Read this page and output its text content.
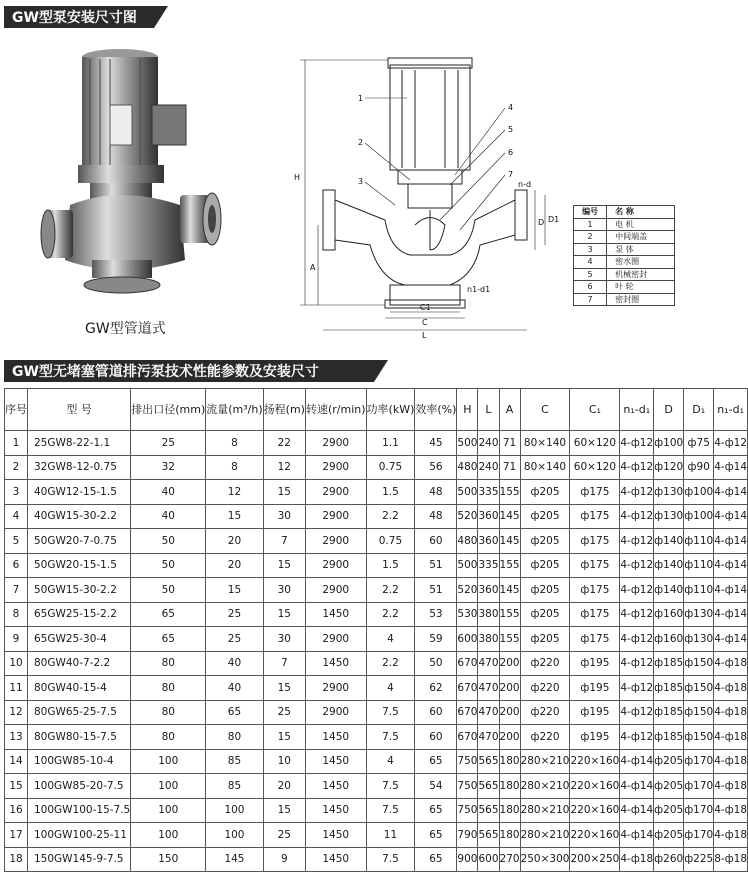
GW型泵安装尺寸图
GW型管道式
1
2
3
4
5
6
7
n-d
H
A
D D1
C1
C
L
n1-d1
编号	名 称
1	电 机
2	中间端盖
3	泵 体
4	密水圈
5	机械密封
6	叶 轮
7	密封圈
GW型无堵塞管道排污泵技术性能参数及安装尺寸
序号	型 号	排出口径(mm)	流量(m³/h)	扬程(m)	转速(r/min)	功率(kW)	效率(%)	H	L	A	C	C₁	n₁-d₁	D	D₁	n₁-d₁
1	25GW8-22-1.1	25	8	22	2900	1.1	45	500	240	71	80×140	60×120	4-ф12	ф100	ф75	4-ф12
2	32GW8-12-0.75	32	8	12	2900	0.75	56	480	240	71	80×140	60×120	4-ф12	ф120	ф90	4-ф14
3	40GW12-15-1.5	40	12	15	2900	1.5	48	500	335	155	ф205	ф175	4-ф12	ф130	ф100	4-ф14
4	40GW15-30-2.2	40	15	30	2900	2.2	48	520	360	145	ф205	ф175	4-ф12	ф130	ф100	4-ф14
5	50GW20-7-0.75	50	20	7	2900	0.75	60	480	360	145	ф205	ф175	4-ф12	ф140	ф110	4-ф14
6	50GW20-15-1.5	50	20	15	2900	1.5	51	500	335	155	ф205	ф175	4-ф12	ф140	ф110	4-ф14
7	50GW15-30-2.2	50	15	30	2900	2.2	51	520	360	145	ф205	ф175	4-ф12	ф140	ф110	4-ф14
8	65GW25-15-2.2	65	25	15	1450	2.2	53	530	380	155	ф205	ф175	4-ф12	ф160	ф130	4-ф14
9	65GW25-30-4	65	25	30	2900	4	59	600	380	155	ф205	ф175	4-ф12	ф160	ф130	4-ф14
10	80GW40-7-2.2	80	40	7	1450	2.2	50	670	470	200	ф220	ф195	4-ф12	ф185	ф150	4-ф18
11	80GW40-15-4	80	40	15	2900	4	62	670	470	200	ф220	ф195	4-ф12	ф185	ф150	4-ф18
12	80GW65-25-7.5	80	65	25	2900	7.5	60	670	470	200	ф220	ф195	4-ф12	ф185	ф150	4-ф18
13	80GW80-15-7.5	80	80	15	1450	7.5	60	670	470	200	ф220	ф195	4-ф12	ф185	ф150	4-ф18
14	100GW85-10-4	100	85	10	1450	4	65	750	565	180	280×210	220×160	4-ф14	ф205	ф170	4-ф18
15	100GW85-20-7.5	100	85	20	1450	7.5	54	750	565	180	280×210	220×160	4-ф14	ф205	ф170	4-ф18
16	100GW100-15-7.5	100	100	15	1450	7.5	65	750	565	180	280×210	220×160	4-ф14	ф205	ф170	4-ф18
17	100GW100-25-11	100	100	25	1450	11	65	790	565	180	280×210	220×160	4-ф14	ф205	ф170	4-ф18
18	150GW145-9-7.5	150	145	9	1450	7.5	65	900	600	270	250×300	200×250	4-ф18	ф260	ф225	8-ф18
